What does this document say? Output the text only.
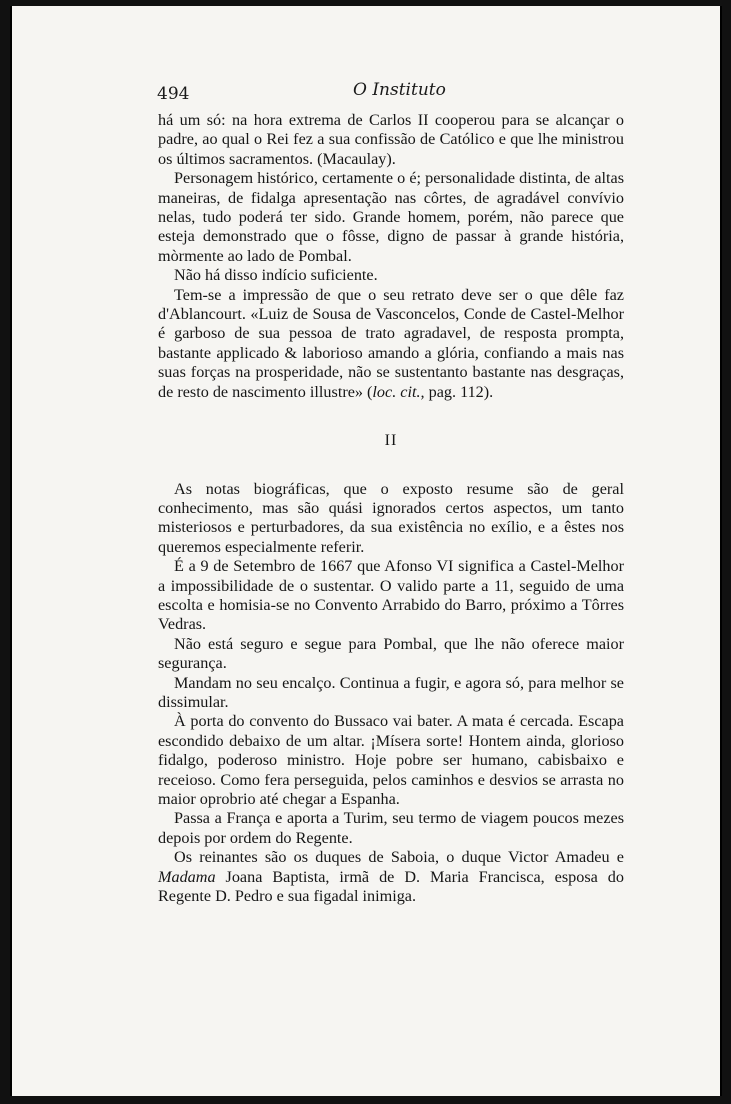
494	O Instituto

há um só: na hora extrema de Carlos II cooperou para se alcançar o padre, ao qual o Rei fez a sua confissão de Católico e que lhe ministrou os últimos sacramentos. (Macaulay).

Personagem histórico, certamente o é; personalidade distinta, de altas maneiras, de fidalga apresentação nas côrtes, de agradável convívio nelas, tudo poderá ter sido. Grande homem, porém, não parece que esteja demonstrado que o fôsse, digno de passar à grande história, mòrmente ao lado de Pombal.

Não há disso indício suficiente.

Tem-se a impressão de que o seu retrato deve ser o que dêle faz d'Ablancourt. «Luiz de Sousa de Vasconcelos, Conde de Castel-Melhor é garboso de sua pessoa de trato agradavel, de resposta prompta, bastante applicado & laborioso amando a glória, confiando a mais nas suas forças na prosperidade, não se sustentanto bastante nas desgraças, de resto de nascimento illustre» (loc. cit., pag. 112).

II

As notas biográficas, que o exposto resume são de geral conhecimento, mas são quási ignorados certos aspectos, um tanto misteriosos e perturbadores, da sua existência no exílio, e a êstes nos queremos especialmente referir.

É a 9 de Setembro de 1667 que Afonso VI significa a Castel-Melhor a impossibilidade de o sustentar. O valido parte a 11, seguido de uma escolta e homisia-se no Convento Arrabido do Barro, próximo a Tôrres Vedras.

Não está seguro e segue para Pombal, que lhe não oferece maior segurança.

Mandam no seu encalço. Continua a fugir, e agora só, para melhor se dissimular.

À porta do convento do Bussaco vai bater. A mata é cercada. Escapa escondido debaixo de um altar. ¡Mísera sorte! Hontem ainda, glorioso fidalgo, poderoso ministro. Hoje pobre ser humano, cabisbaixo e receioso. Como fera perseguida, pelos caminhos e desvios se arrasta no maior oprobrio até chegar a Espanha.

Passa a França e aporta a Turim, seu termo de viagem poucos mezes depois por ordem do Regente.

Os reinantes são os duques de Saboia, o duque Victor Amadeu e Madama Joana Baptista, irmã de D. Maria Francisca, esposa do Regente D. Pedro e sua figadal inimiga.
